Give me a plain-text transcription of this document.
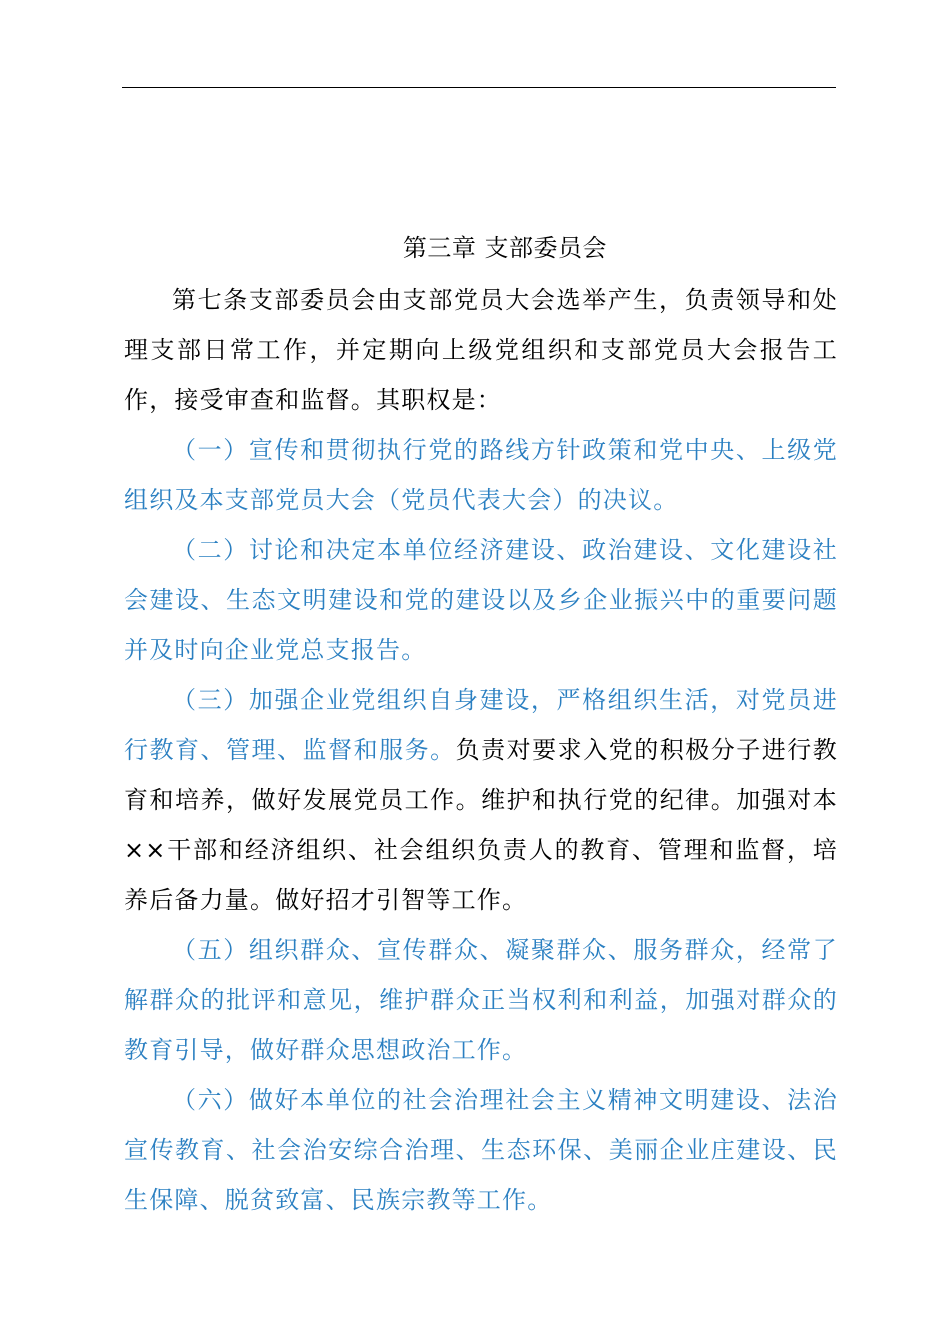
第三章 支部委员会

第七条支部委员会由支部党员大会选举产生，负责领导和处理支部日常工作，并定期向上级党组织和支部党员大会报告工作，接受审查和监督。其职权是：

（一）宣传和贯彻执行党的路线方针政策和党中央、上级党组织及本支部党员大会（党员代表大会）的决议。

（二）讨论和决定本单位经济建设、政治建设、文化建设社会建设、生态文明建设和党的建设以及乡企业振兴中的重要问题并及时向企业党总支报告。

（三）加强企业党组织自身建设，严格组织生活，对党员进行教育、管理、监督和服务。负责对要求入党的积极分子进行教育和培养，做好发展党员工作。维护和执行党的纪律。加强对本××干部和经济组织、社会组织负责人的教育、管理和监督，培养后备力量。做好招才引智等工作。

（五）组织群众、宣传群众、凝聚群众、服务群众，经常了解群众的批评和意见，维护群众正当权利和利益，加强对群众的教育引导，做好群众思想政治工作。

（六）做好本单位的社会治理社会主义精神文明建设、法治宣传教育、社会治安综合治理、生态环保、美丽企业庄建设、民生保障、脱贫致富、民族宗教等工作。
